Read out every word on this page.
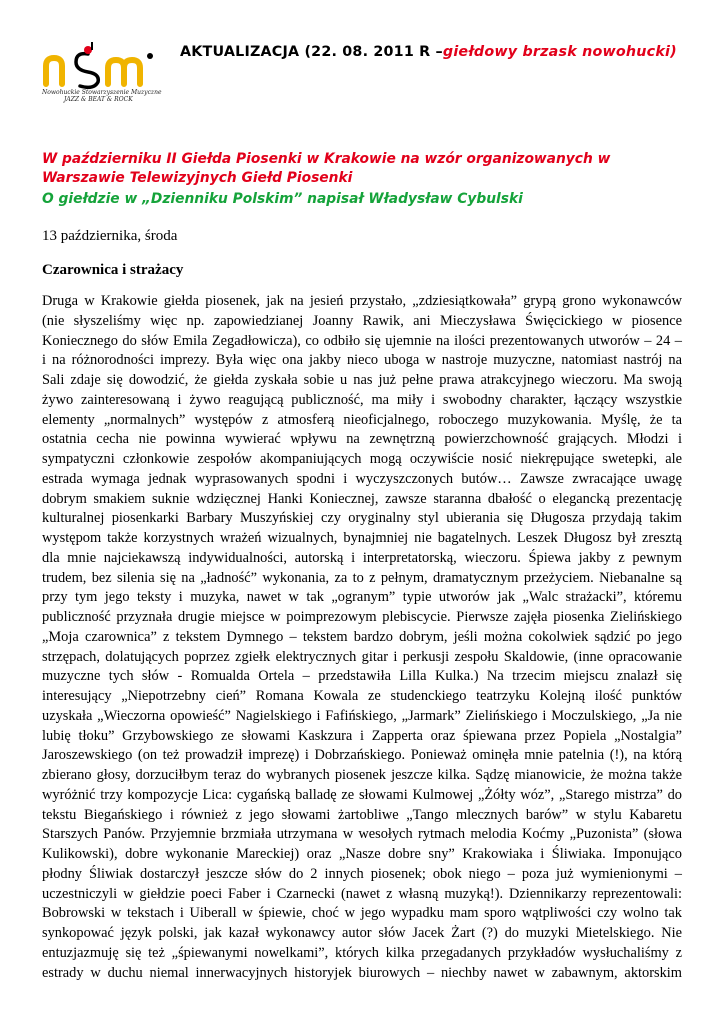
Nowohuckie Stowarzyszenie Muzyczne
JAZZ & BEAT & ROCK
AKTUALIZACJA (22. 08. 2011 R –giełdowy brzask nowohucki)
W październiku II Giełda Piosenki w Krakowie na wzór organizowanych w Warszawie Telewizyjnych Giełd Piosenki
O giełdzie w „Dzienniku Polskim” napisał Władysław Cybulski
13 października, środa
Czarownica i strażacy
Druga w Krakowie giełda piosenek, jak na jesień przystało, „zdziesiątkowała” grypą grono wykonawców
(nie słyszeliśmy więc np. zapowiedzianej Joanny Rawik, ani Mieczysława Święcickiego w piosence
Koniecznego do słów Emila Zegadłowicza), co odbiło się ujemnie na ilości prezentowanych utworów – 24 –
i na różnorodności imprezy. Była więc ona jakby nieco uboga w nastroje muzyczne, natomiast nastrój na
Sali zdaje się dowodzić, że giełda zyskała sobie u nas już pełne prawa atrakcyjnego wieczoru. Ma swoją
żywo zainteresowaną i żywo reagującą publiczność, ma miły i swobodny charakter, łączący wszystkie
elementy „normalnych” występów z atmosferą nieoficjalnego, roboczego muzykowania. Myślę, że ta
ostatnia cecha nie powinna wywierać wpływu na zewnętrzną powierzchowność grających. Młodzi i
sympatyczni członkowie zespołów akompaniujących mogą oczywiście nosić niekrępujące swetерki, ale
estrada wymaga jednak wyprasowanych spodni i wyczyszczonych butów… Zawsze zwracające uwagę
dobrym smakiem suknie wdzięcznej Hanki Koniecznej, zawsze staranna dbałość o elegancką prezentację
kulturalnej piosenkarki Barbary Muszyńskiej czy oryginalny styl ubierania się Długosza przydają takim
występom także korzystnych wrażeń wizualnych, bynajmniej nie bagatelnych. Leszek Długosz był zresztą
dla mnie najciekawszą indywidualności, autorską i interpretatorską, wieczoru. Śpiewa jakby z pewnym
trudem, bez silenia się na „ładność” wykonania, za to z pełnym, dramatycznym przeżyciem. Niebanalne są
przy tym jego teksty i muzyka, nawet w tak „ogranym” typie utworów jak „Walc strażacki”, któremu
publiczność przyznała drugie miejsce w poimprezowym plebiscycie. Pierwsze zajęła piosenka Zielińskiego
„Moja czarownica” z tekstem Dymnego – tekstem bardzo dobrym, jeśli można cokolwiek sądzić po jego
strzępach, dolatujących poprzez zgiełk elektrycznych gitar i perkusji zespołu Skaldowie, (inne opracowanie
muzyczne tych słów - Romualda Ortela – przedstawiła Lilla Kulka.) Na trzecim miejscu znalazł się
interesujący „Niepotrzebny cień” Romana Kowala ze studenckiego teatrzyku Kolejną ilość punktów
uzyskała „Wieczorna opowieść” Nagielskiego i Fafińskiego, „Jarmark” Zielińskiego i Moczulskiego, „Ja nie
lubię tłoku” Grzybowskiego ze słowami Kaskzura i Zapperta oraz śpiewana przez Popiela „Nostalgia”
Jaroszewskiego (on też prowadził imprezę) i Dobrzańskiego. Ponieważ ominęła mnie patelnia (!), na którą
zbierano głosy, dorzuciłbym teraz do wybranych piosenek jeszcze kilka. Sądzę mianowicie, że można także
wyróżnić trzy kompozycje Lica: cygańską balladę ze słowami Kulmowej „Żółty wóz”, „Starego mistrza” do
tekstu Biegańskiego i również z jego słowami żartobliwe „Tango mlecznych barów” w stylu Kabaretu
Starszych Panów. Przyjemnie brzmiała utrzymana w wesołych rytmach melodia Koćmy „Puzonista” (słowa
Kulikowski), dobre wykonanie Mareckiej) oraz „Nasze dobre sny” Krakowiaka i Śliwiaka. Imponująco
płodny Śliwiak dostarczył jeszcze słów do 2 innych piosenek; obok niego – poza już wymienionymi –
uczestniczyli w giełdzie poeci Faber i Czarnecki (nawet z własną muzyką!). Dziennikarzy reprezentowali:
Bobrowski w tekstach i Uiberall w śpiewie, choć w jego wypadku mam sporo wątpliwości czy wolno tak
synkopować język polski, jak kazał wykonawcy autor słów Jacek Żart (?) do muzyki Mietelskiego. Nie
entuzjazmuję się też „śpiewanymi nowelkami”, których kilka przegadanych przykładów wysłuchaliśmy z
estrady w duchu niemal innerwacyjnych historyjek biurowych – niechby nawet w zabawnym, aktorskim
